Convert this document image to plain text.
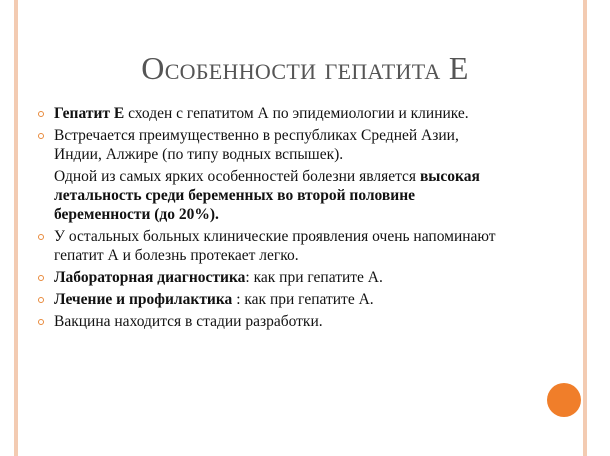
Особенности гепатита Е
Гепатит Е сходен с гепатитом А по эпидемиологии и клинике.
Встречается преимущественно в республиках Средней Азии, Индии, Алжире (по типу водных вспышек).
Одной из самых ярких особенностей болезни является высокая летальность среди беременных во второй половине беременности (до 20%).
У остальных больных клинические проявления очень напоминают гепатит А и болезнь протекает легко.
Лабораторная диагностика: как при гепатите А.
Лечение и профилактика : как при гепатите А.
Вакцина находится в стадии разработки.
